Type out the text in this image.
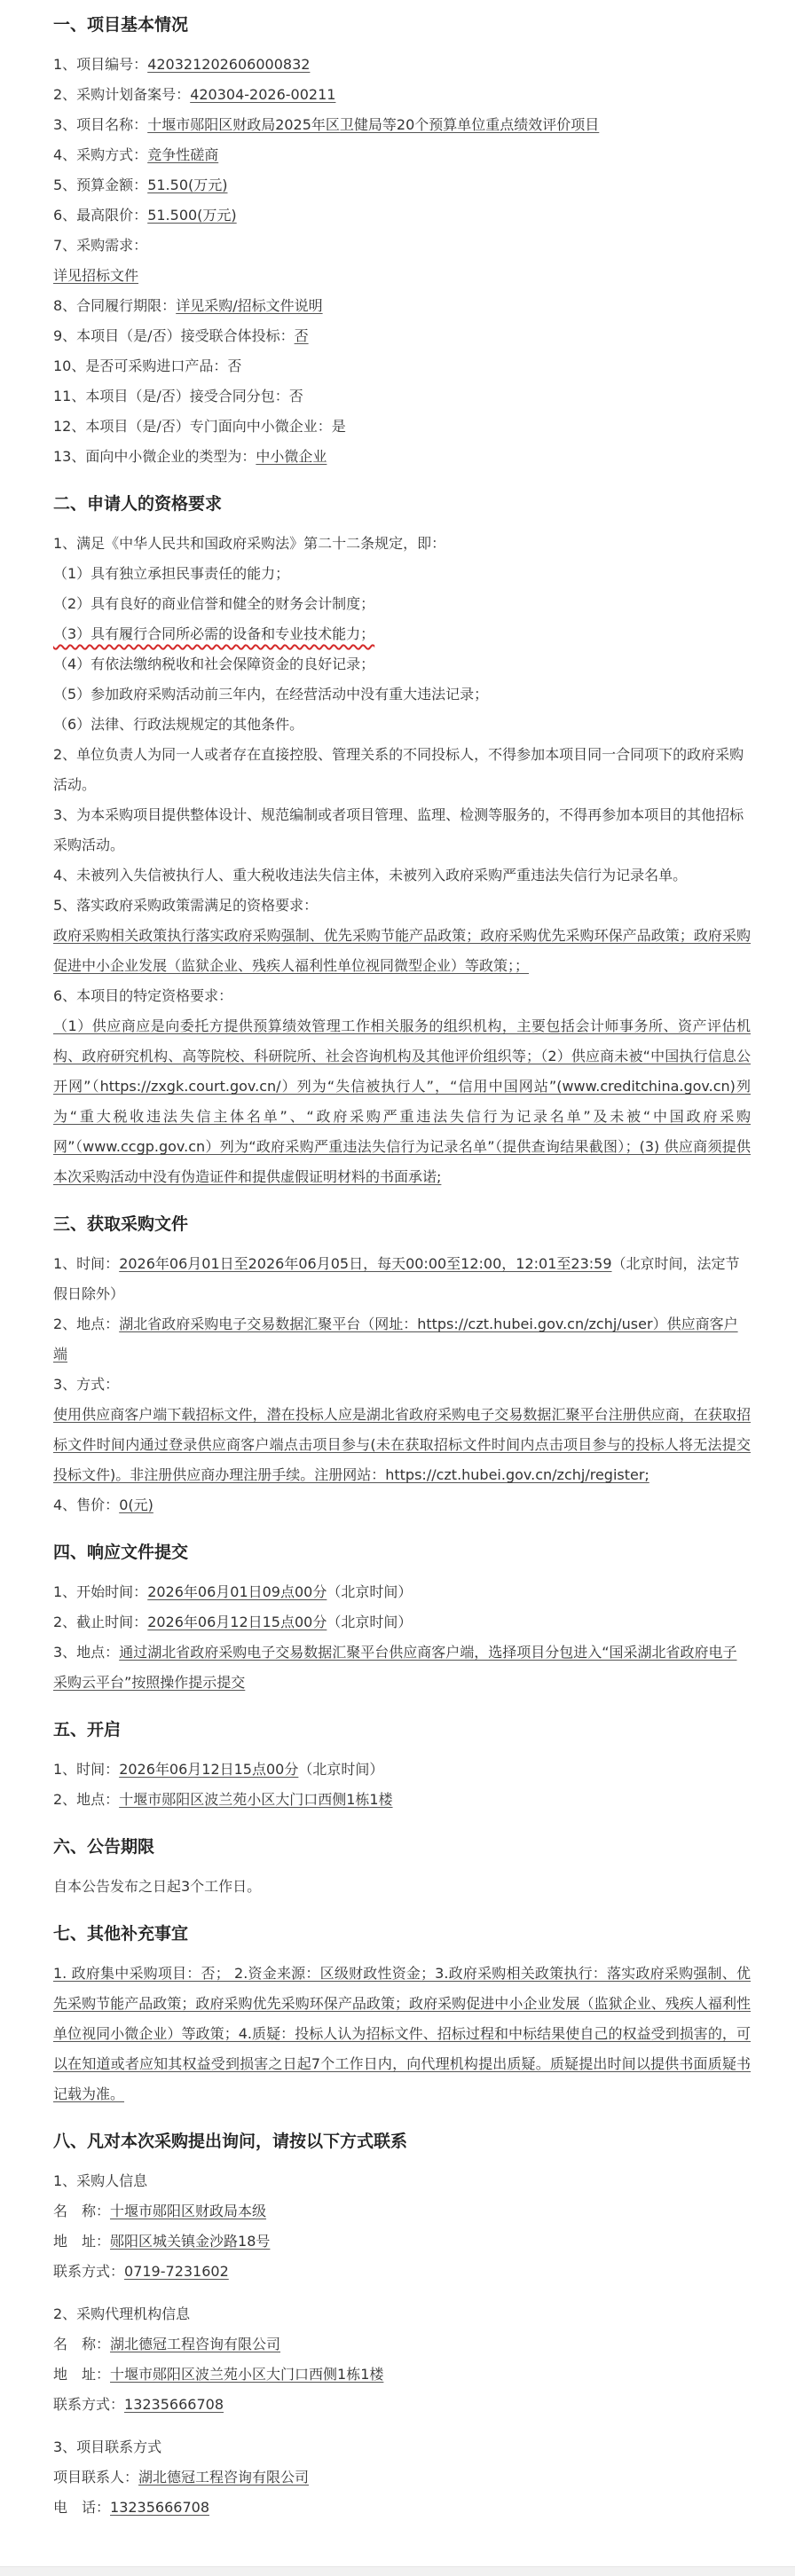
一、项目基本情况
1、项目编号：420321202606000832
2、采购计划备案号：420304-2026-00211
3、项目名称：十堰市郧阳区财政局2025年区卫健局等20个预算单位重点绩效评价项目
4、采购方式：竞争性磋商
5、预算金额：51.50(万元)
6、最高限价：51.500(万元)
7、采购需求：
详见招标文件
8、合同履行期限：详见采购/招标文件说明
9、本项目（是/否）接受联合体投标：否
10、是否可采购进口产品：否
11、本项目（是/否）接受合同分包：否
12、本项目（是/否）专门面向中小微企业：是
13、面向中小微企业的类型为：中小微企业
二、申请人的资格要求
1、满足《中华人民共和国政府采购法》第二十二条规定，即：
（1）具有独立承担民事责任的能力；
（2）具有良好的商业信誉和健全的财务会计制度；
（3）具有履行合同所必需的设备和专业技术能力；
（4）有依法缴纳税收和社会保障资金的良好记录；
（5）参加政府采购活动前三年内，在经营活动中没有重大违法记录；
（6）法律、行政法规规定的其他条件。
2、单位负责人为同一人或者存在直接控股、管理关系的不同投标人，不得参加本项目同一合同项下的政府采购活动。
3、为本采购项目提供整体设计、规范编制或者项目管理、监理、检测等服务的，不得再参加本项目的其他招标采购活动。
4、未被列入失信被执行人、重大税收违法失信主体，未被列入政府采购严重违法失信行为记录名单。
5、落实政府采购政策需满足的资格要求：
政府采购相关政策执行落实政府采购强制、优先采购节能产品政策；政府采购优先采购环保产品政策；政府采购促进中小企业发展（监狱企业、残疾人福利性单位视同微型企业）等政策；；
6、本项目的特定资格要求：
（1）供应商应是向委托方提供预算绩效管理工作相关服务的组织机构，主要包括会计师事务所、资产评估机构、政府研究机构、高等院校、科研院所、社会咨询机构及其他评价组织等；（2）供应商未被“中国执行信息公开网”（https://zxgk.court.gov.cn/）列为“失信被执行人”，“信用中国网站”(www.creditchina.gov.cn)列为“重大税收违法失信主体名单”、“政府采购严重违法失信行为记录名单”及未被“中国政府采购网”（www.ccgp.gov.cn）列为“政府采购严重违法失信行为记录名单”（提供查询结果截图）；(3) 供应商须提供本次采购活动中没有伪造证件和提供虚假证明材料的书面承诺;
三、获取采购文件
1、时间：2026年06月01日至2026年06月05日，每天00:00至12:00，12:01至23:59（北京时间，法定节假日除外）
2、地点：湖北省政府采购电子交易数据汇聚平台（网址：https://czt.hubei.gov.cn/zchj/user）供应商客户端
3、方式：
使用供应商客户端下载招标文件，潜在投标人应是湖北省政府采购电子交易数据汇聚平台注册供应商，在获取招标文件时间内通过登录供应商客户端点击项目参与(未在获取招标文件时间内点击项目参与的投标人将无法提交投标文件)。非注册供应商办理注册手续。注册网站：https://czt.hubei.gov.cn/zchj/register;
4、售价：0(元)
四、响应文件提交
1、开始时间：2026年06月01日09点00分（北京时间）
2、截止时间：2026年06月12日15点00分（北京时间）
3、地点：通过湖北省政府采购电子交易数据汇聚平台供应商客户端，选择项目分包进入“国采湖北省政府电子采购云平台”按照操作提示提交
五、开启
1、时间：2026年06月12日15点00分（北京时间）
2、地点：十堰市郧阳区波兰苑小区大门口西侧1栋1楼
六、公告期限
自本公告发布之日起3个工作日。
七、其他补充事宜
1. 政府集中采购项目：否； 2.资金来源：区级财政性资金；3.政府采购相关政策执行：落实政府采购强制、优先采购节能产品政策；政府采购优先采购环保产品政策；政府采购促进中小企业发展（监狱企业、残疾人福利性单位视同小微企业）等政策；4.质疑：投标人认为招标文件、招标过程和中标结果使自己的权益受到损害的，可以在知道或者应知其权益受到损害之日起7个工作日内，向代理机构提出质疑。质疑提出时间以提供书面质疑书记载为准。
八、凡对本次采购提出询问，请按以下方式联系
1、采购人信息
名　称：十堰市郧阳区财政局本级
地　址：郧阳区城关镇金沙路18号
联系方式：0719-7231602
2、采购代理机构信息
名　称：湖北德冠工程咨询有限公司
地　址：十堰市郧阳区波兰苑小区大门口西侧1栋1楼
联系方式：13235666708
3、项目联系方式
项目联系人：湖北德冠工程咨询有限公司
电　话：13235666708
